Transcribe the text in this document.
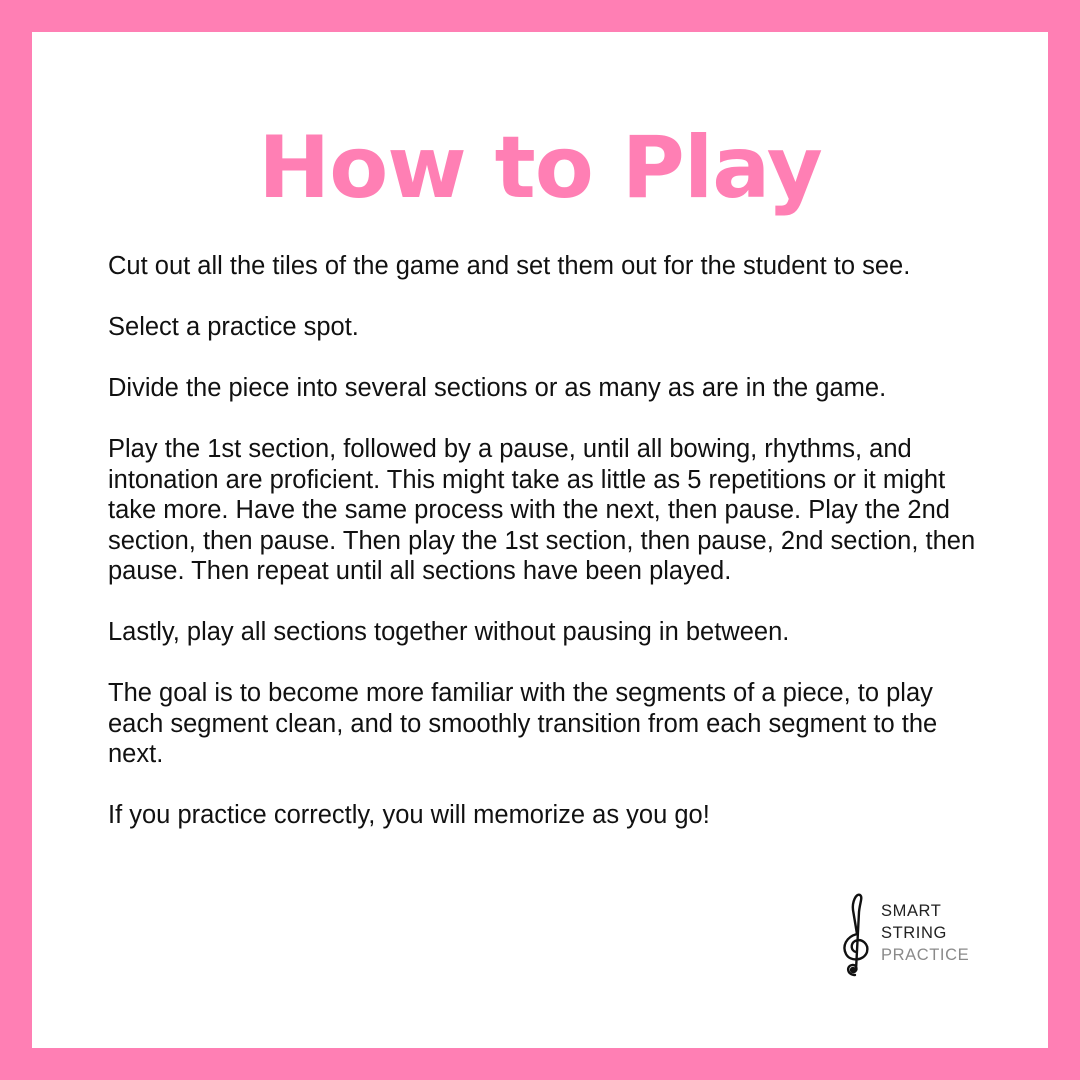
How to Play

Cut out all the tiles of the game and set them out for the student to see.

Select a practice spot.

Divide the piece into several sections or as many as are in the game.

Play the 1st section, followed by a pause, until all bowing, rhythms, and intonation are proficient. This might take as little as 5 repetitions or it might take more. Have the same process with the next, then pause. Play the 2nd section, then pause. Then play the 1st section, then pause, 2nd section, then pause. Then repeat until all sections have been played.

Lastly, play all sections together without pausing in between.

The goal is to become more familiar with the segments of a piece, to play each segment clean, and to smoothly transition from each segment to the next.

If you practice correctly, you will memorize as you go!

SMART
STRING
PRACTICE
